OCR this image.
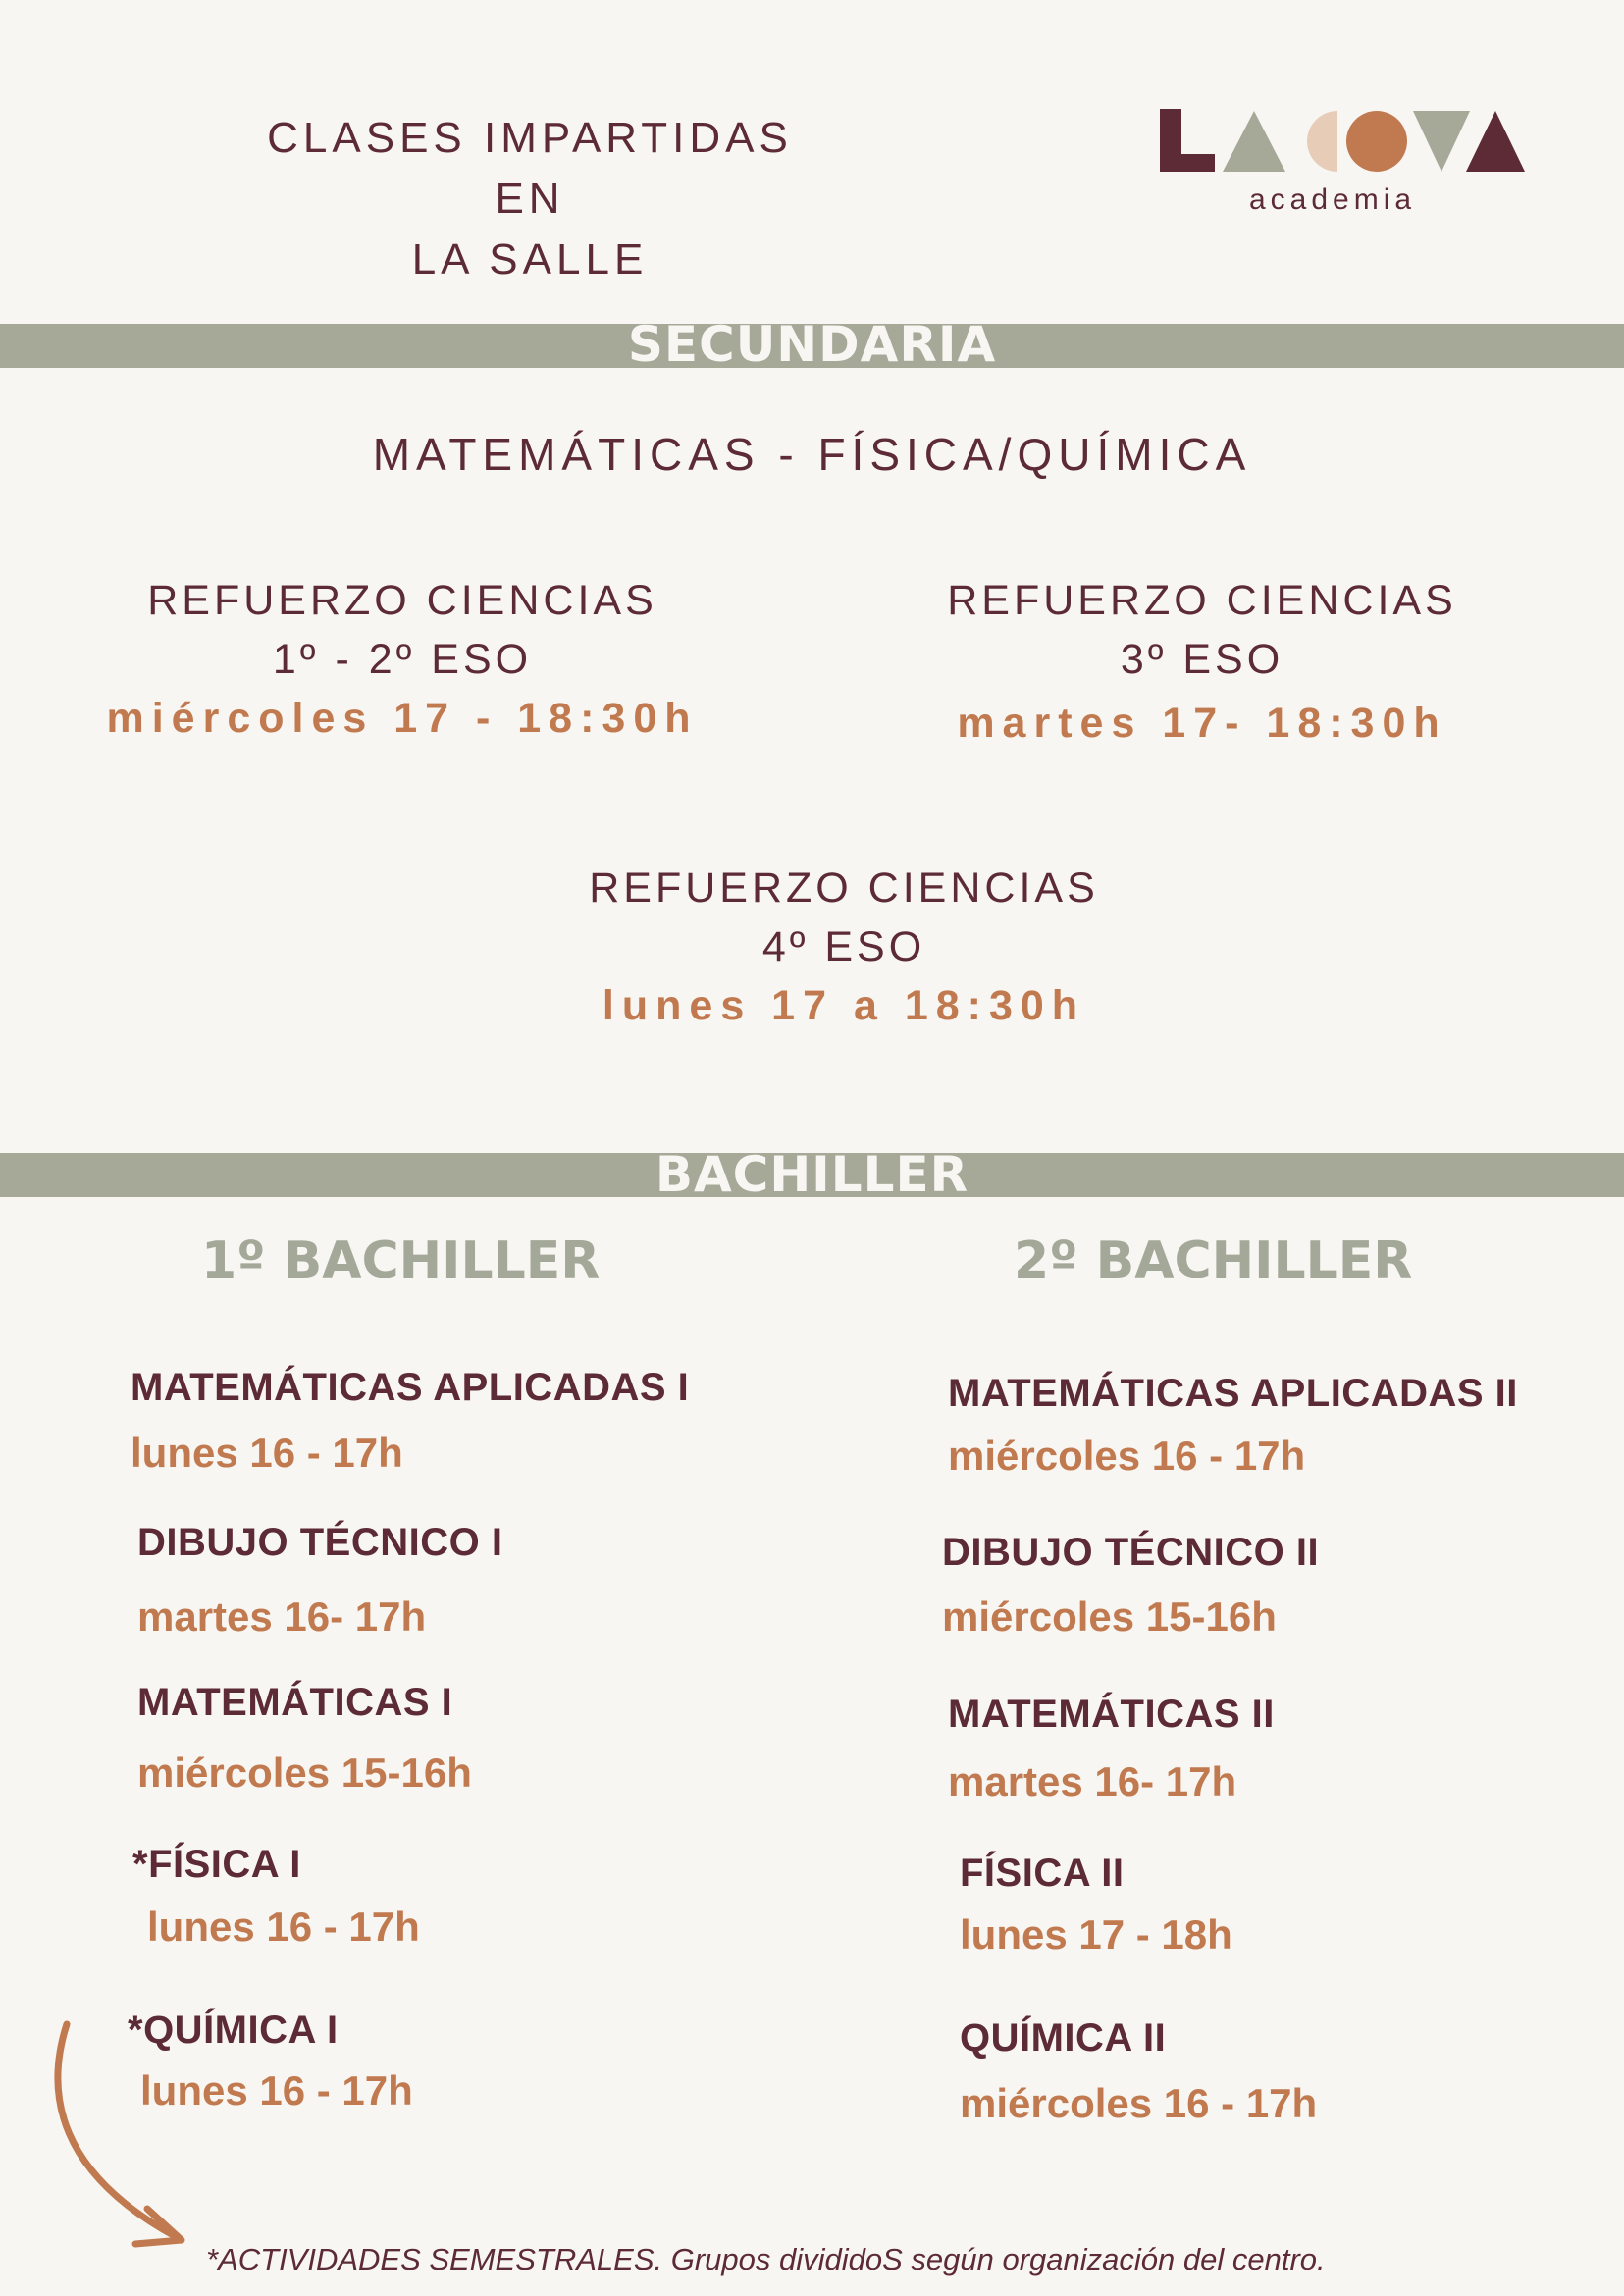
CLASES IMPARTIDAS EN
LA SALLE
academia
SECUNDARIA
MATEMÁTICAS - FÍSICA/QUÍMICA
REFUERZO CIENCIAS
1º - 2º ESO
miércoles 17 - 18:30h
REFUERZO CIENCIAS
3º ESO
martes 17- 18:30h
REFUERZO CIENCIAS
4º ESO
lunes 17 a 18:30h
BACHILLER
1º BACHILLER	2º BACHILLER
MATEMÁTICAS APLICADAS I
lunes 16 - 17h
DIBUJO TÉCNICO I
martes 16- 17h
MATEMÁTICAS I
miércoles 15-16h
*FÍSICA I
lunes 16 - 17h
*QUÍMICA I
lunes 16 - 17h
MATEMÁTICAS APLICADAS II
miércoles 16 - 17h
DIBUJO TÉCNICO II
miércoles 15-16h
MATEMÁTICAS II
martes 16- 17h
FÍSICA II
lunes 17 - 18h
QUÍMICA II
miércoles 16 - 17h
*ACTIVIDADES SEMESTRALES. Grupos divididoS según organización del centro.
